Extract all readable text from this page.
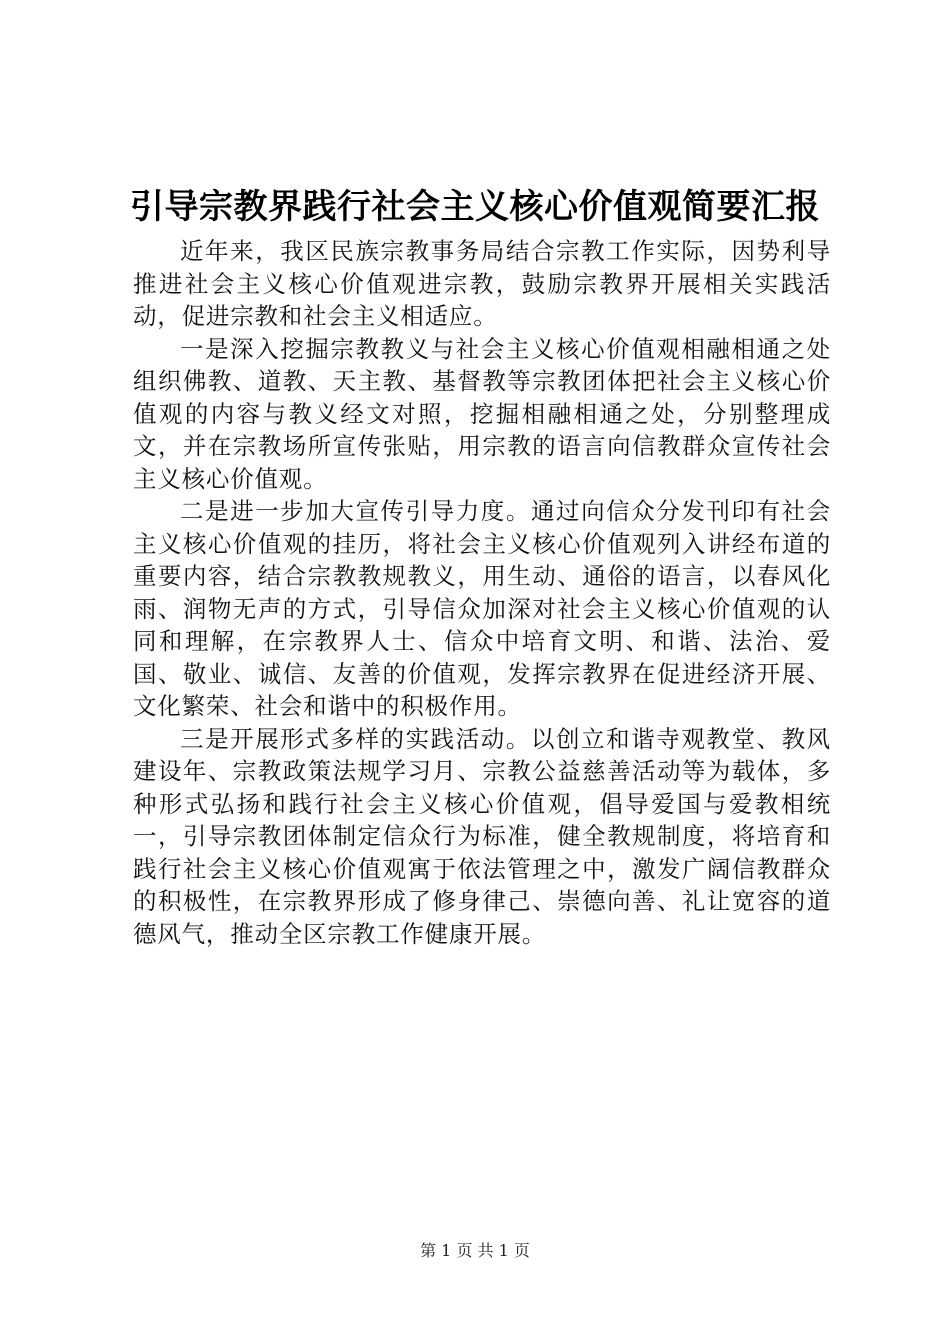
引导宗教界践行社会主义核心价值观简要汇报

近年来，我区民族宗教事务局结合宗教工作实际，因势利导推进社会主义核心价值观进宗教，鼓励宗教界开展相关实践活动，促进宗教和社会主义相适应。

一是深入挖掘宗教教义与社会主义核心价值观相融相通之处组织佛教、道教、天主教、基督教等宗教团体把社会主义核心价值观的内容与教义经文对照，挖掘相融相通之处，分别整理成文，并在宗教场所宣传张贴，用宗教的语言向信教群众宣传社会主义核心价值观。

二是进一步加大宣传引导力度。通过向信众分发刊印有社会主义核心价值观的挂历，将社会主义核心价值观列入讲经布道的重要内容，结合宗教教规教义，用生动、通俗的语言，以春风化雨、润物无声的方式，引导信众加深对社会主义核心价值观的认同和理解，在宗教界人士、信众中培育文明、和谐、法治、爱国、敬业、诚信、友善的价值观，发挥宗教界在促进经济开展、文化繁荣、社会和谐中的积极作用。

三是开展形式多样的实践活动。以创立和谐寺观教堂、教风建设年、宗教政策法规学习月、宗教公益慈善活动等为载体，多种形式弘扬和践行社会主义核心价值观，倡导爱国与爱教相统一，引导宗教团体制定信众行为标准，健全教规制度，将培育和践行社会主义核心价值观寓于依法管理之中，激发广阔信教群众的积极性，在宗教界形成了修身律己、崇德向善、礼让宽容的道德风气，推动全区宗教工作健康开展。

第 1 页 共 1 页
